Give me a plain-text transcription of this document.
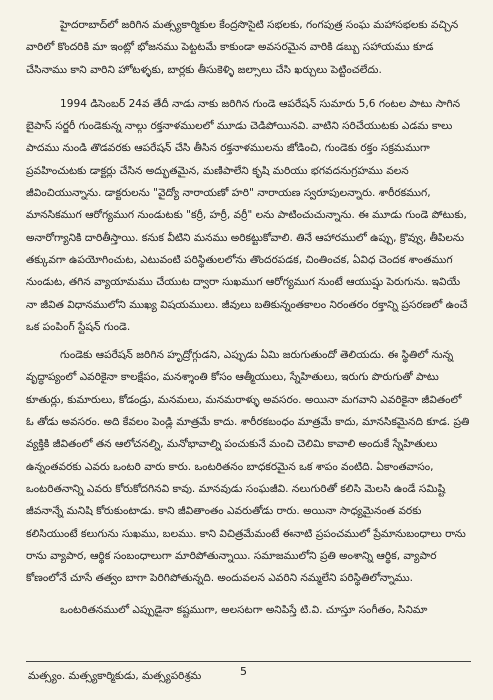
హైదరాబాద్‌లో జరిగిన మత్స్యకార్మికుల కేంద్రసొసైటి సభలకు, గంగపుత్ర సంఘ మహాసభలకు వచ్చిన వారిలో కొందరికి మా ఇంట్లో భోజనము పెట్టటమే కాకుండా అవసరమైన వారికి డబ్బు సహాయము కూడ చేసినాము కాని వారిని హోటళ్ళకు, బార్లకు తీసుకెళ్ళి జల్సాలు చేసి ఖర్చులు పెట్టించలేదు.

1994 డిసెంబర్ 24వ తేదీ నాడు నాకు జరిగిన గుండె ఆపరేషన్ సుమారు 5,6 గంటల పాటు సాగిన బైపాస్ సర్జరీ గుండెకున్న నాల్గు రక్తనాళములలో మూడు చెడిపోయినవి. వాటిని సరిచేయుటకు ఎడమ కాలు పాదము నుండి తొడవరకు ఆపరేషన్ చేసి తీసిన రక్తనాళములను జోడించి, గుండెకు రక్తం సక్రమముగా ప్రవహించుటకు డాక్టర్లు చేసిన అద్భుతమైన, మణిపాలేని కృషి మరియు భగవదనుగ్రహము వలన జీవించియున్నాను. డాక్టరులను "వైద్యో నారాయణో హరి" నారాయణ స్వరూపులన్నారు. శారీరకముగ, మానసికముగ ఆరోగ్యముగ నుండుటకు "కర్రీ, హర్రీ, వర్రీ" లను పాటించుచున్నాను. ఈ మూడు గుండె పోటుకు, అనారోగ్యానికి దారితీస్తాయి. కనుక వీటిని మనము అరికట్టుకోవాలి. తినే ఆహారములో ఉప్పు, క్రొవ్వు, తీపిలను తక్కువగా ఉపయోగించుట, ఎటువంటి పరిస్థితులలోను తొందరపడక, చింతించక, ఏవిధ చెందక శాంతముగ నుండుట, తగిన వ్యాయామము చేయుట ద్వారా సుఖముగ ఆరోగ్యముగ నుంటే ఆయుష్షు పెరుగును. ఇవియే నా జీవిత విధానములోని ముఖ్య విషయములు. జీవులు బతికున్నంతకాలం నిరంతరం రక్తాన్ని ప్రసరణలో ఉంచే ఒక పంపింగ్ స్టేషన్ గుండె.

గుండెకు ఆపరేషన్ జరిగిన హృద్రోగ్గుడని, ఎప్పుడు ఏమి జరుగుతుందో తెలియదు. ఈ స్థితిలో నున్న వృద్ధాప్యంలో ఎవరికైనా కాలక్షేపం, మనశ్శాంతి కోసం ఆత్మీయులు, స్నేహితులు, ఇరుగు పొరుగుతో పాటు కూతుర్లు, కుమారులు, కోడండ్రు, మనమలు, మనమరాళ్ళు అవసరం. అయినా మగవాని ఎవరికైనా జీవితంలో ఓ తోడు అవసరం. అది కేవలం పెండ్లి మాత్రమే కాదు. శారీరకబంధం మాత్రమే కాదు, మానసికమైనది కూడ. ప్రతి వ్యక్తికి జీవితంలో తన ఆలోచనల్ని, మనోభావాల్ని పంచుకునే మంచి చెలిమి కావాలి అందుకే స్నేహితులు ఉన్నంతవరకు ఎవరు ఒంటరి వారు కారు. ఒంటరితనం బాధకరమైన ఒక శాపం వంటిది. ఏకాంతవాసం, ఒంటరితనాన్ని ఎవరు కోరుకోదగినవి కావు. మానవుడు సంఘజీవి. నలుగురితో కలిసి మెలసి ఉండే సమిష్టి జీవనాన్నే మనిషి కోరుకుంటాడు. కాని జీవితాంతం ఎవరుతోడు రారు. అయినా సాధ్యమైనంత వరకు కలిసియుంటే కలుగును సుఖము, బలము. కాని విచిత్రమేమంటే ఈనాటి ప్రపంచములో ప్రేమానుబంధాలు రాను రాను వ్యాపార, ఆర్థిక సంబంధాలుగా మారిపోతున్నాయి. సమాజములోని ప్రతి అంశాన్ని ఆర్థిక, వ్యాపార కోణంలోనే చూసే తత్వం బాగా పెరిగిపోతున్నది. అందువలన ఎవరిని నమ్మలేని పరిస్థితిలోన్నాము.

ఒంటరితనములో ఎప్పుడైనా కష్టముగా, అలసటగా అనిపిస్తే టి.వి. చూస్తూ సంగీతం, సినిమా

5
మత్స్యం. మత్స్యకార్మికుడు, మత్స్యపరిశ్రమ
